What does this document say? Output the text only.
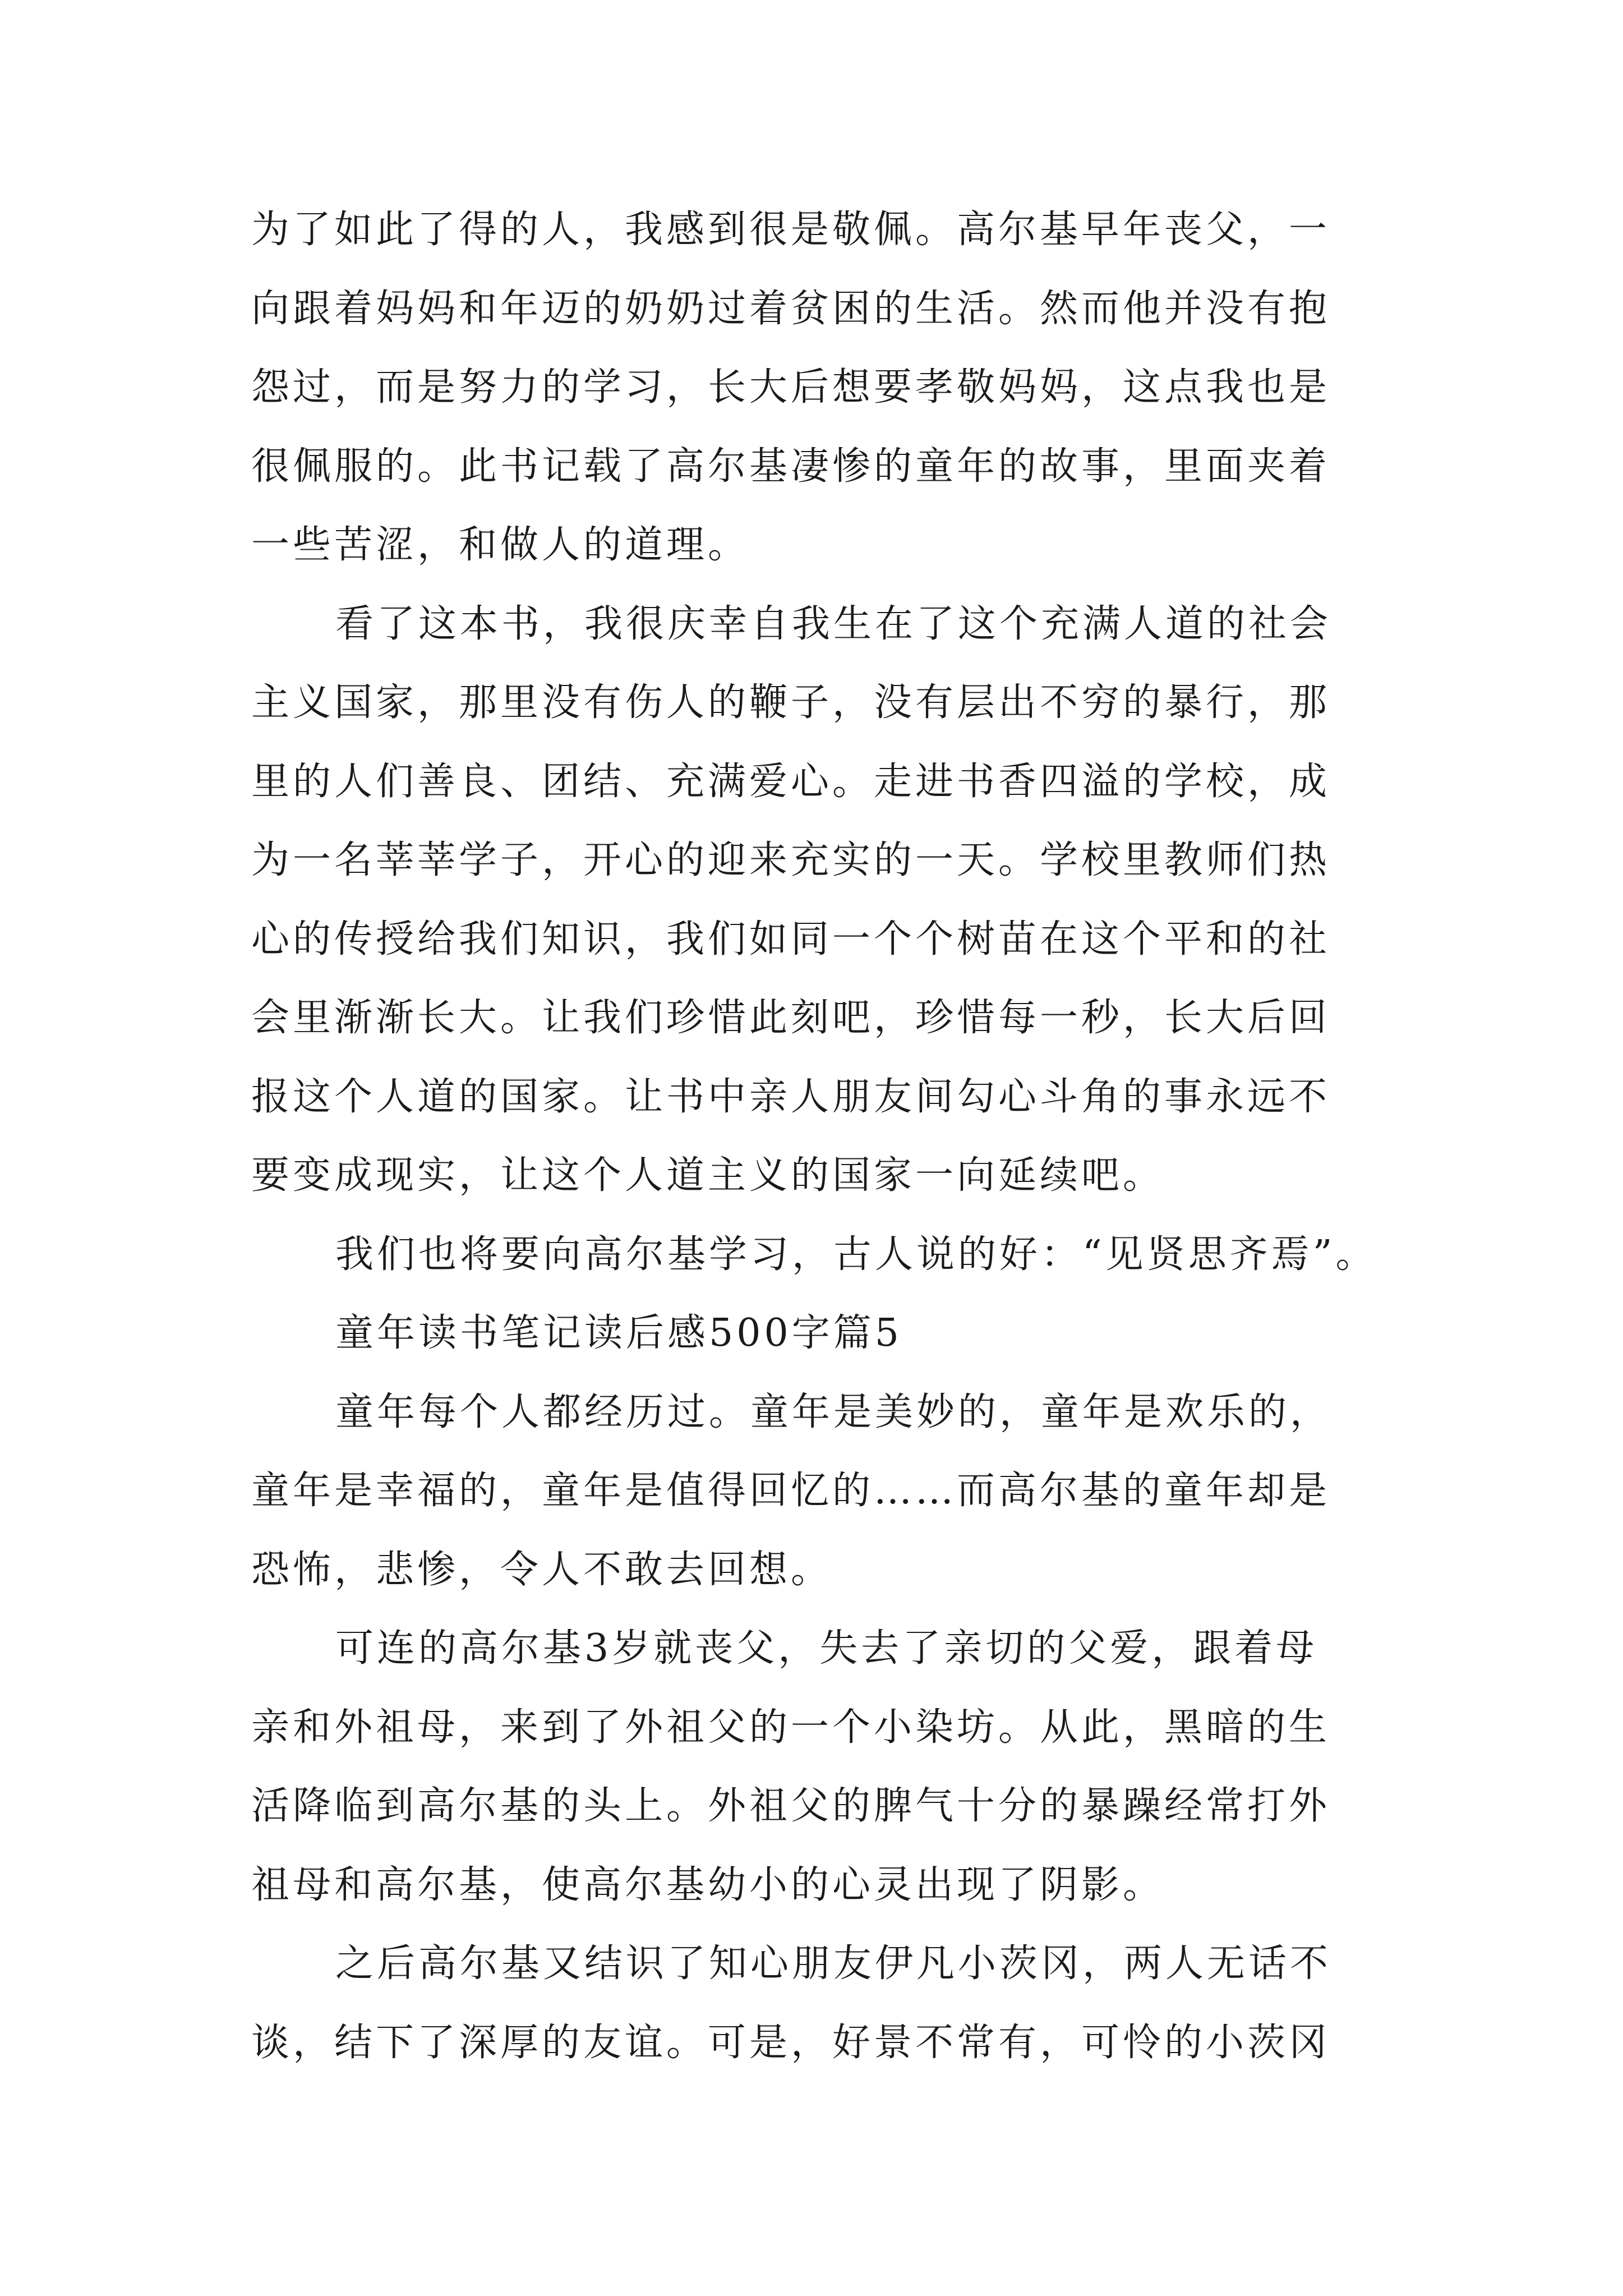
为了如此了得的人，我感到很是敬佩。高尔基早年丧父，一
向跟着妈妈和年迈的奶奶过着贫困的生活。然而他并没有抱
怨过，而是努力的学习，长大后想要孝敬妈妈，这点我也是
很佩服的。此书记载了高尔基凄惨的童年的故事，里面夹着
一些苦涩，和做人的道理。
看了这本书，我很庆幸自我生在了这个充满人道的社会
主义国家，那里没有伤人的鞭子，没有层出不穷的暴行，那
里的人们善良、团结、充满爱心。走进书香四溢的学校，成
为一名莘莘学子，开心的迎来充实的一天。学校里教师们热
心的传授给我们知识，我们如同一个个树苗在这个平和的社
会里渐渐长大。让我们珍惜此刻吧，珍惜每一秒，长大后回
报这个人道的国家。让书中亲人朋友间勾心斗角的事永远不
要变成现实，让这个人道主义的国家一向延续吧。
我们也将要向高尔基学习，古人说的好：“见贤思齐焉”。
童年读书笔记读后感500字篇5
童年每个人都经历过。童年是美妙的，童年是欢乐的，
童年是幸福的，童年是值得回忆的……而高尔基的童年却是
恐怖，悲惨，令人不敢去回想。
可连的高尔基3岁就丧父，失去了亲切的父爱，跟着母
亲和外祖母，来到了外祖父的一个小染坊。从此，黑暗的生
活降临到高尔基的头上。外祖父的脾气十分的暴躁经常打外
祖母和高尔基，使高尔基幼小的心灵出现了阴影。
之后高尔基又结识了知心朋友伊凡小茨冈，两人无话不
谈，结下了深厚的友谊。可是，好景不常有，可怜的小茨冈
